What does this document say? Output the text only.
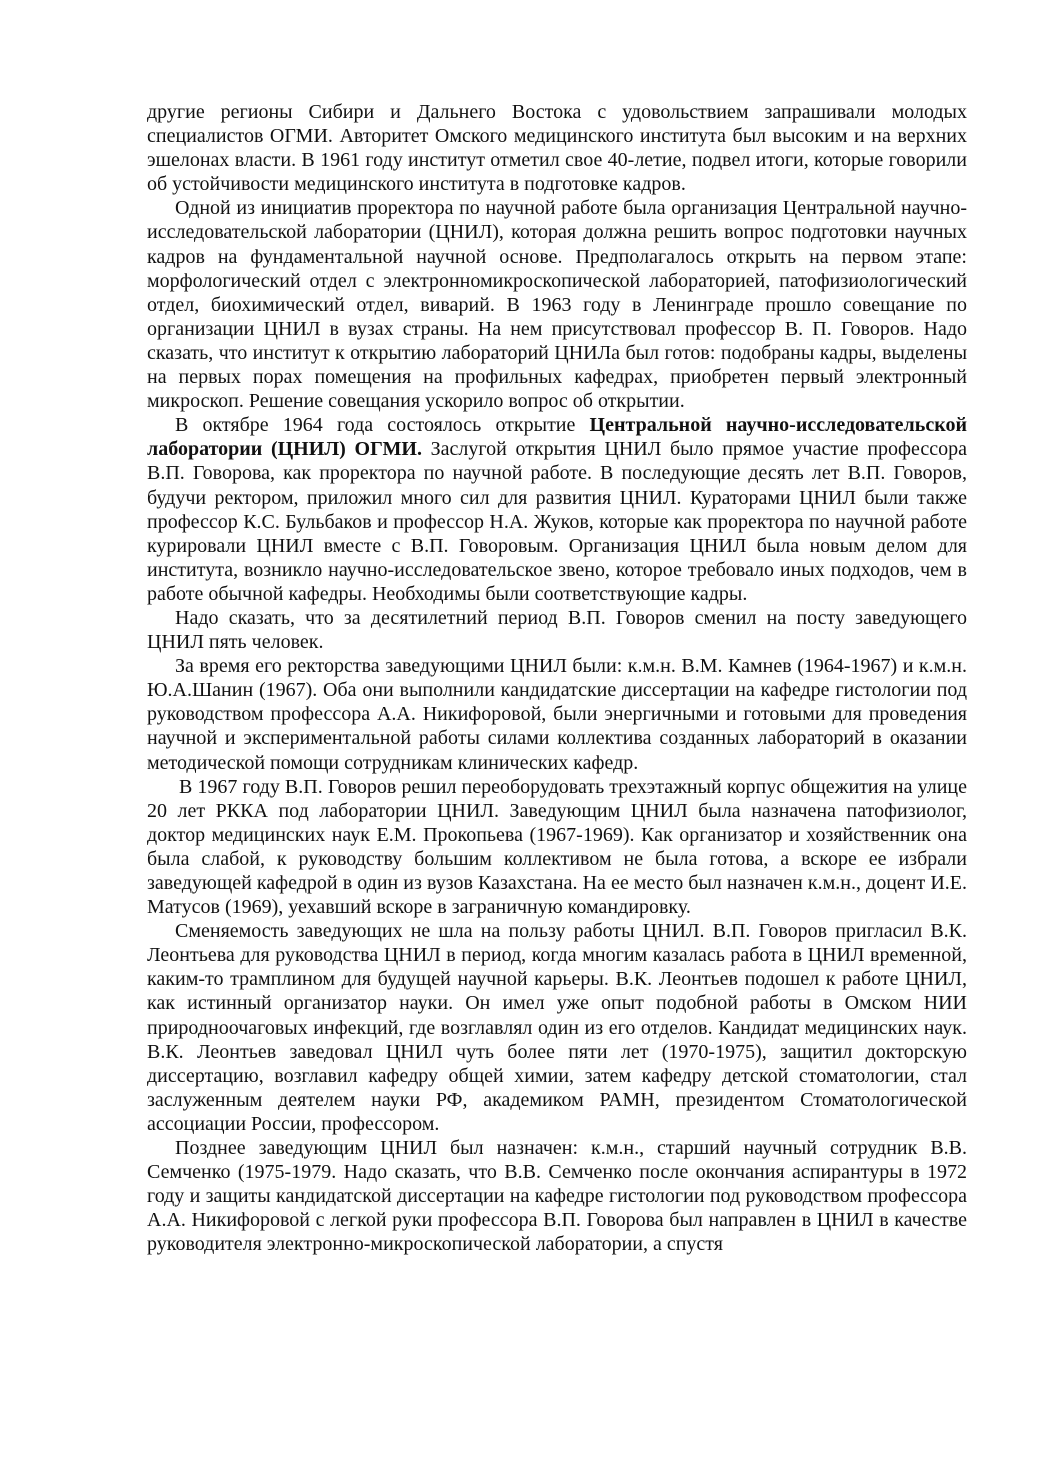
другие регионы Сибири и Дальнего Востока с удовольствием запрашивали молодых специалистов ОГМИ. Авторитет Омского медицинского института был высоким и на верхних эшелонах власти. В 1961 году институт отметил свое 40-летие, подвел итоги, которые говорили об устойчивости медицинского института в подготовке кадров.

Одной из инициатив проректора по научной работе была организация Центральной научно-исследовательской лаборатории (ЦНИЛ), которая должна решить вопрос подготовки научных кадров на фундаментальной научной основе. Предполагалось открыть на первом этапе: морфологический отдел с электронномикроскопической лабораторией, патофизиологический отдел, биохимический отдел, виварий. В 1963 году в Ленинграде прошло совещание по организации ЦНИЛ в вузах страны. На нем присутствовал профессор В. П. Говоров. Надо сказать, что институт к открытию лабораторий ЦНИЛа был готов: подобраны кадры, выделены на первых порах помещения на профильных кафедрах, приобретен первый электронный микроскоп. Решение совещания ускорило вопрос об открытии.

В октябре 1964 года состоялось открытие Центральной научно-исследовательской лаборатории (ЦНИЛ) ОГМИ. Заслугой открытия ЦНИЛ было прямое участие профессора В.П. Говорова, как проректора по научной работе. В последующие десять лет В.П. Говоров, будучи ректором, приложил много сил для развития ЦНИЛ. Кураторами ЦНИЛ были также профессор К.С. Бульбаков и профессор Н.А. Жуков, которые как проректора по научной работе курировали ЦНИЛ вместе с В.П. Говоровым. Организация ЦНИЛ была новым делом для института, возникло научно-исследовательское звено, которое требовало иных подходов, чем в работе обычной кафедры. Необходимы были соответствующие кадры.

Надо сказать, что за десятилетний период В.П. Говоров сменил на посту заведующего ЦНИЛ пять человек.

За время его ректорства заведующими ЦНИЛ были: к.м.н. В.М. Камнев (1964-1967) и к.м.н. Ю.А.Шанин (1967). Оба они выполнили кандидатские диссертации на кафедре гистологии под руководством профессора А.А. Никифоровой, были энергичными и готовыми для проведения научной и экспериментальной работы силами коллектива созданных лабораторий в оказании методической помощи сотрудникам клинических кафедр.

В 1967 году В.П. Говоров решил переоборудовать трехэтажный корпус общежития на улице 20 лет РККА под лаборатории ЦНИЛ. Заведующим ЦНИЛ была назначена патофизиолог, доктор медицинских наук Е.М. Прокопьева (1967-1969). Как организатор и хозяйственник она была слабой, к руководству большим коллективом не была готова, а вскоре ее избрали заведующей кафедрой в один из вузов Казахстана. На ее место был назначен к.м.н., доцент И.Е. Матусов (1969), уехавший вскоре в заграничную командировку.

Сменяемость заведующих не шла на пользу работы ЦНИЛ. В.П. Говоров пригласил В.К. Леонтьева для руководства ЦНИЛ в период, когда многим казалась работа в ЦНИЛ временной, каким-то трамплином для будущей научной карьеры. В.К. Леонтьев подошел к работе ЦНИЛ, как истинный организатор науки. Он имел уже опыт подобной работы в Омском НИИ природноочаговых инфекций, где возглавлял один из его отделов. Кандидат медицинских наук. В.К. Леонтьев заведовал ЦНИЛ чуть более пяти лет (1970-1975), защитил докторскую диссертацию, возглавил кафедру общей химии, затем кафедру детской стоматологии, стал заслуженным деятелем науки РФ, академиком РАМН, президентом Стоматологической ассоциации России, профессором.

Позднее заведующим ЦНИЛ был назначен: к.м.н., старший научный сотрудник В.В. Семченко (1975-1979. Надо сказать, что В.В. Семченко после окончания аспирантуры в 1972 году и защиты кандидатской диссертации на кафедре гистологии под руководством профессора А.А. Никифоровой с легкой руки профессора В.П. Говорова был направлен в ЦНИЛ в качестве руководителя электронно-микроскопической лаборатории, а спустя
